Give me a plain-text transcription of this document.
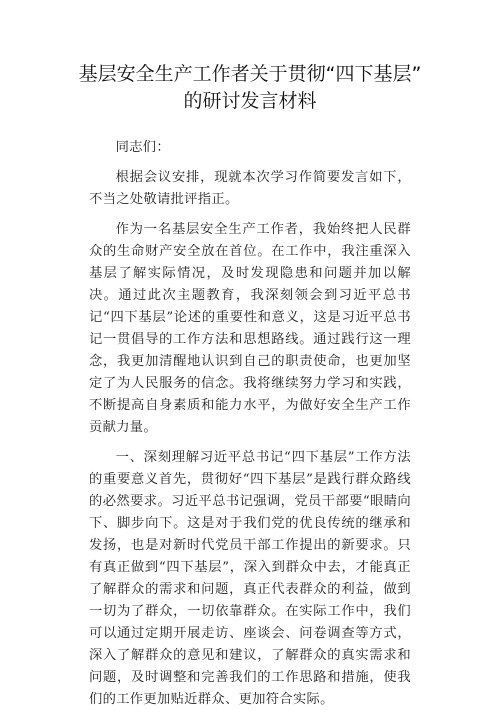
基层安全生产工作者关于贯彻“四下基层”
的研讨发言材料

同志们：

根据会议安排，现就本次学习作简要发言如下，不当之处敬请批评指正。

作为一名基层安全生产工作者，我始终把人民群众的生命财产安全放在首位。在工作中，我注重深入基层了解实际情况，及时发现隐患和问题并加以解决。通过此次主题教育，我深刻领会到习近平总书记“四下基层”论述的重要性和意义，这是习近平总书记一贯倡导的工作方法和思想路线。通过践行这一理念，我更加清醒地认识到自己的职责使命，也更加坚定了为人民服务的信念。我将继续努力学习和实践，不断提高自身素质和能力水平，为做好安全生产工作贡献力量。

一、深刻理解习近平总书记“四下基层”工作方法的重要意义首先，贯彻好“四下基层”是践行群众路线的必然要求。习近平总书记强调，党员干部要“眼睛向下、脚步向下。这是对于我们党的优良传统的继承和发扬，也是对新时代党员干部工作提出的新要求。只有真正做到“四下基层”，深入到群众中去，才能真正了解群众的需求和问题，真正代表群众的利益，做到一切为了群众，一切依靠群众。在实际工作中，我们可以通过定期开展走访、座谈会、问卷调查等方式，深入了解群众的意见和建议，了解群众的真实需求和问题，及时调整和完善我们的工作思路和措施，使我们的工作更加贴近群众、更加符合实际。
